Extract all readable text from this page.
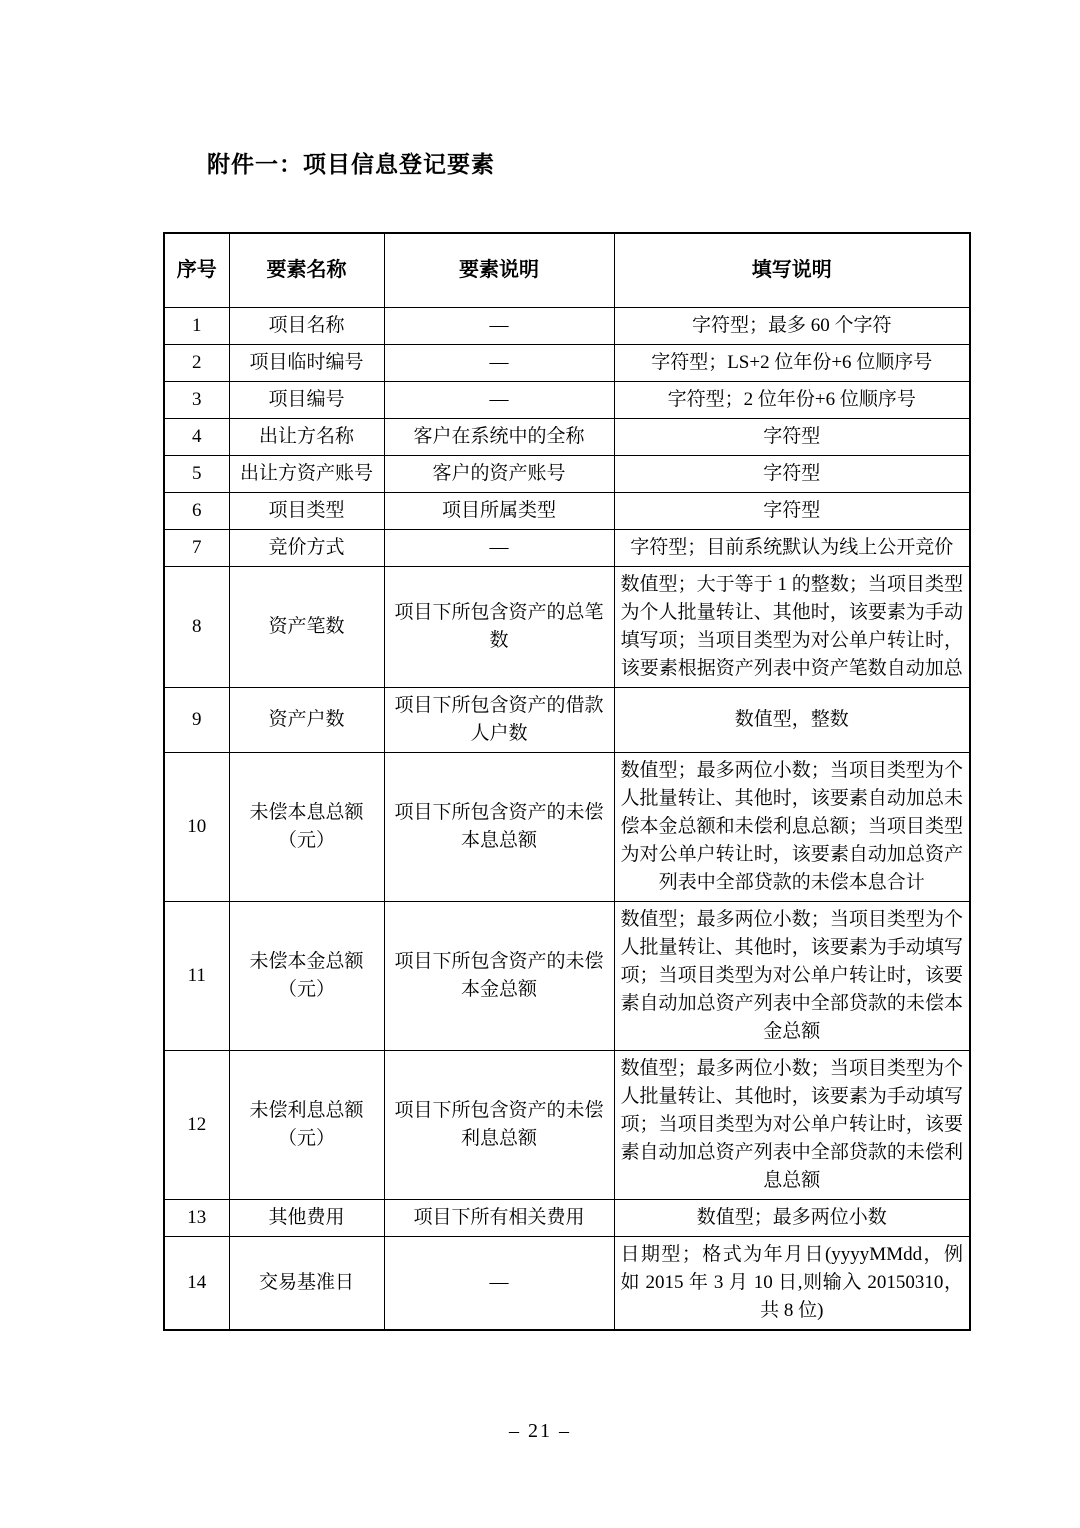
附件一：项目信息登记要素
序号	要素名称	要素说明	填写说明
1	项目名称	—	字符型；最多 60 个字符
2	项目临时编号	—	字符型；LS+2 位年份+6 位顺序号
3	项目编号	—	字符型；2 位年份+6 位顺序号
4	出让方名称	客户在系统中的全称	字符型
5	出让方资产账号	客户的资产账号	字符型
6	项目类型	项目所属类型	字符型
7	竞价方式	—	字符型；目前系统默认为线上公开竞价
8	资产笔数	项目下所包含资产的总笔数	数值型；大于等于 1 的整数；当项目类型为个人批量转让、其他时，该要素为手动填写项；当项目类型为对公单户转让时，该要素根据资产列表中资产笔数自动加总
9	资产户数	项目下所包含资产的借款人户数	数值型，整数
10	未偿本息总额（元）	项目下所包含资产的未偿本息总额	数值型；最多两位小数；当项目类型为个人批量转让、其他时，该要素自动加总未偿本金总额和未偿利息总额；当项目类型为对公单户转让时，该要素自动加总资产列表中全部贷款的未偿本息合计
11	未偿本金总额（元）	项目下所包含资产的未偿本金总额	数值型；最多两位小数；当项目类型为个人批量转让、其他时，该要素为手动填写项；当项目类型为对公单户转让时，该要素自动加总资产列表中全部贷款的未偿本金总额
12	未偿利息总额（元）	项目下所包含资产的未偿利息总额	数值型；最多两位小数；当项目类型为个人批量转让、其他时，该要素为手动填写项；当项目类型为对公单户转让时，该要素自动加总资产列表中全部贷款的未偿利息总额
13	其他费用	项目下所有相关费用	数值型；最多两位小数
14	交易基准日	—	日期型；格式为年月日(yyyyMMdd，例如 2015 年 3 月 10 日,则输入 20150310，共 8 位)
– 21 –
